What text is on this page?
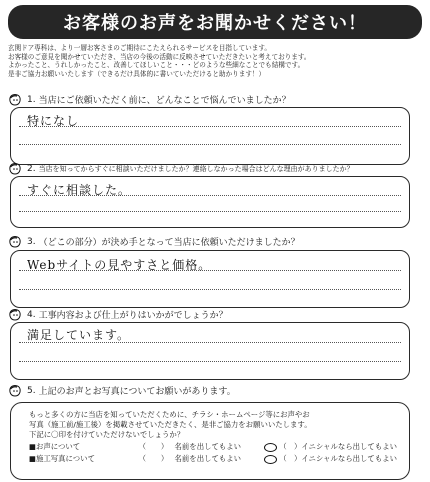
お客様のお声をお聞かせください！
玄関ドア専科は、より一層お客さまのご期待にこたえられるサービスを目指しています。
お客様のご意見を聞かせていただき、当店の今後の活動に反映させていただきたいと考えております。
よかったこと、うれしかったこと、改善してほしいこと・・・どのような些細なことでも結構です。
是非ご協力お願いいたします（できるだけ具体的に書いていただけると助かります！）
1. 当店にご依頼いただく前に、どんなことで悩んでいましたか？
特になし
2. 当店を知ってからすぐに相談いただけましたか？連絡しなかった場合はどんな理由がありましたか？
すぐに相談した。
3. （どこの部分）が決め手となって当店に依頼いただけましたか？
Webサイトの見やすさと価格。
4. 工事内容および仕上がりはいかがでしょうか？
満足しています。
5. 上記のお声とお写真についてお願いがあります。
もっと多くの方に当店を知っていただくために、チラシ・ホームページ等にお声やお
写真（施工前/施工後）を掲載させていただきたく、是非ご協力をお願いいたします。
下記に〇印を付けていただけないでしょうか？
■お声について	（　　） 名前を出してもよい	（　）イニシャルなら出してもよい
■施工写真について	（　　） 名前を出してもよい	（　）イニシャルなら出してもよい
